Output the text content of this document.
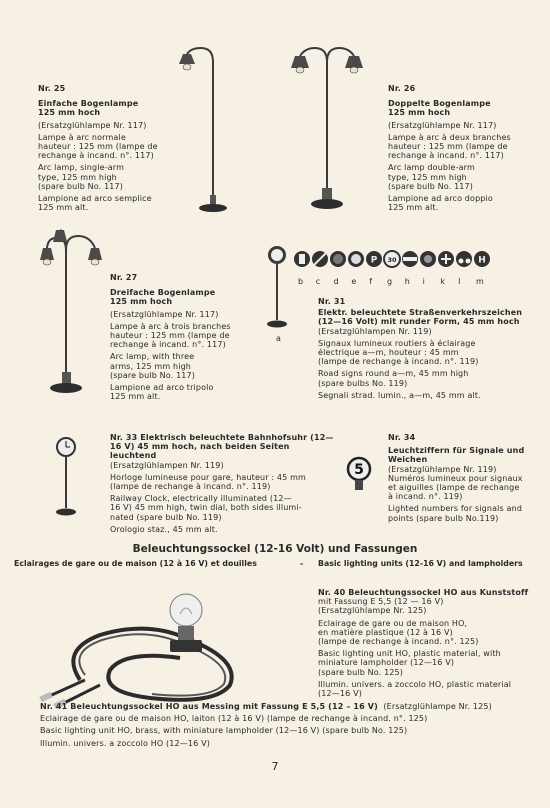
P 30	H
5
Nr. 25
Einfache Bogenlampe
125 mm hoch
(Ersatzglühlampe Nr. 117)
Lampe à arc normale
hauteur : 125 mm (lampe de
rechange à incand. n°. 117)
Arc lamp, single-arm
type, 125 mm high
(spare bulb No. 117)
Lampione ad arco semplice
125 mm alt.
Nr. 26
Doppelte Bogenlampe
125 mm hoch
(Ersatzglühlampe Nr. 117)
Lampe à arc à deux branches
hauteur : 125 mm (lampe de
rechange à incand. n°. 117)
Arc lamp double-arm
type, 125 mm high
(spare bulb No. 117)
Lampione ad arco doppio
125 mm alt.
Nr. 27
Dreifache Bogenlampe
125 mm hoch
(Ersatzglühlampe Nr. 117)
Lampe à arc à trois branches
hauteur : 125 mm (lampe de
rechange à incand. n°. 117)
Arc lamp, with three
arms, 125 mm high
(spare bulb No. 117)
Lampione ad arco tripolo
125 mm alt.
b c d e f g h i k l m
a
Nr. 31
Elektr. beleuchtete Straßenverkehrszeichen
(12—16 Volt) mit runder Form, 45 mm hoch
(Ersatzglühlampen Nr. 119)
Signaux lumineux routiers à éclairage
électrique a—m, houteur : 45 mm
(lampe de rechange à incand. n°. 119)
Road signs round a—m, 45 mm high
(spare bulbs No. 119)
Segnali strad. lumin., a—m, 45 mm alt.
Nr. 33 Elektrisch beleuchtete Bahnhofsuhr (12—
16 V) 45 mm hoch, nach beiden Seiten leuchtend
(Ersatzglühlampen Nr. 119)
Horloge lumineuse pour gare, hauteur : 45 mm
(lampe de rechange à incand. n°. 119)
Railway Clock, electrically illuminated (12—
16 V) 45 mm high, twin dial, both sides illumi-
nated (spare bulb No. 119)
Orologio staz., 45 mm alt.
Nr. 34
Leuchtziffern für Signale und
Weichen
(Ersatzglühlampe Nr. 119)
Numéros lumineux pour signaux
et aiguilles (lampe de rechange
à incand. n°. 119)
Lighted numbers for signals and
points (spare bulb No.119)
Beleuchtungssockel (12-16 Volt) und Fassungen
Eclairages de gare ou de maison (12 à 16 V) et douilles	- Basic lighting units (12-16 V) and lampholders
Nr. 40 Beleuchtungssockel HO aus Kunststoff
mit Fassung E 5,5 (12 — 16 V)
(Ersatzglühlampe Nr. 125)
Eclairage de gare ou de maison HO,
en matière plastique (12 à 16 V)
(lampe de rechange à incand. n°. 125)
Basic lighting unit HO, plastic material, with
miniature lampholder (12—16 V)
(spare bulb No. 125)
Illumin. univers. a zoccolo HO, plastic material
(12—16 V)
Nr. 41 Beleuchtungssockel HO aus Messing mit Fassung E 5,5 (12 – 16 V) (Ersatzglühlampe Nr. 125)
Eclairage de gare ou de maison HO, laiton (12 à 16 V) (lampe de rechange à incand. n°. 125)
Basic lighting unit HO, brass, with miniature lampholder (12—16 V) (spare bulb No. 125)
Illumin. univers. a zoccolo HO (12—16 V)
7
